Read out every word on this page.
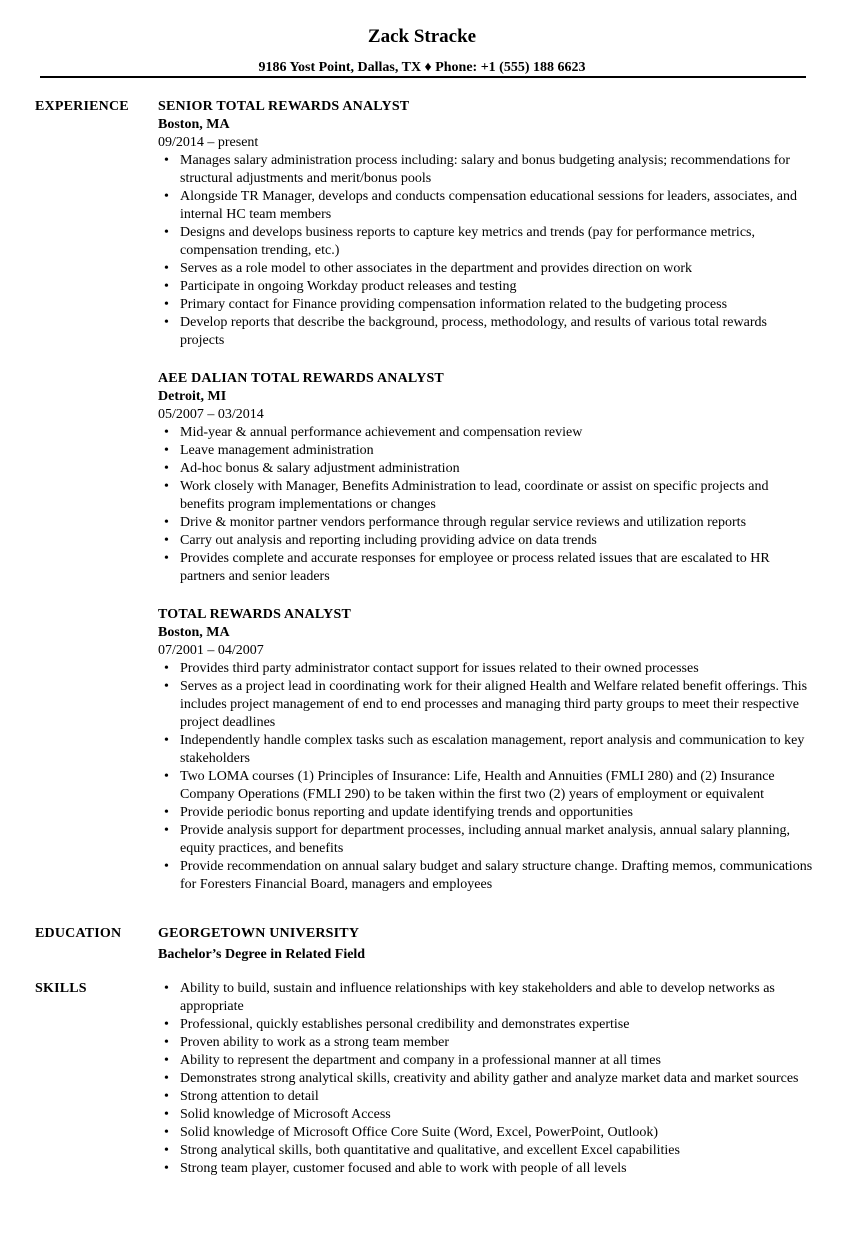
Zack Stracke
9186 Yost Point, Dallas, TX ♦ Phone: +1 (555) 188 6623
EXPERIENCE SENIOR TOTAL REWARDS ANALYST
Boston, MA
09/2014 – present
• Manages salary administration process including: salary and bonus budgeting analysis; recommendations for structural adjustments and merit/bonus pools
• Alongside TR Manager, develops and conducts compensation educational sessions for leaders, associates, and internal HC team members
• Designs and develops business reports to capture key metrics and trends (pay for performance metrics, compensation trending, etc.)
• Serves as a role model to other associates in the department and provides direction on work
• Participate in ongoing Workday product releases and testing
• Primary contact for Finance providing compensation information related to the budgeting process
• Develop reports that describe the background, process, methodology, and results of various total rewards projects
AEE DALIAN TOTAL REWARDS ANALYST
Detroit, MI
05/2007 – 03/2014
• Mid-year & annual performance achievement and compensation review
• Leave management administration
• Ad-hoc bonus & salary adjustment administration
• Work closely with Manager, Benefits Administration to lead, coordinate or assist on specific projects and benefits program implementations or changes
• Drive & monitor partner vendors performance through regular service reviews and utilization reports
• Carry out analysis and reporting including providing advice on data trends
• Provides complete and accurate responses for employee or process related issues that are escalated to HR partners and senior leaders
TOTAL REWARDS ANALYST
Boston, MA
07/2001 – 04/2007
• Provides third party administrator contact support for issues related to their owned processes
• Serves as a project lead in coordinating work for their aligned Health and Welfare related benefit offerings. This includes project management of end to end processes and managing third party groups to meet their respective project deadlines
• Independently handle complex tasks such as escalation management, report analysis and communication to key stakeholders
• Two LOMA courses (1) Principles of Insurance: Life, Health and Annuities (FMLI 280) and (2) Insurance Company Operations (FMLI 290) to be taken within the first two (2) years of employment or equivalent
• Provide periodic bonus reporting and update identifying trends and opportunities
• Provide analysis support for department processes, including annual market analysis, annual salary planning, equity practices, and benefits
• Provide recommendation on annual salary budget and salary structure change. Drafting memos, communications for Foresters Financial Board, managers and employees
EDUCATION	GEORGETOWN UNIVERSITY
Bachelor’s Degree in Related Field
SKILLS
•	Ability to build, sustain and influence relationships with key stakeholders and able to develop networks as appropriate
• Professional, quickly establishes personal credibility and demonstrates expertise
• Proven ability to work as a strong team member
• Ability to represent the department and company in a professional manner at all times
• Demonstrates strong analytical skills, creativity and ability gather and analyze market data and market sources
• Strong attention to detail
• Solid knowledge of Microsoft Access
• Solid knowledge of Microsoft Office Core Suite (Word, Excel, PowerPoint, Outlook)
• Strong analytical skills, both quantitative and qualitative, and excellent Excel capabilities
• Strong team player, customer focused and able to work with people of all levels
